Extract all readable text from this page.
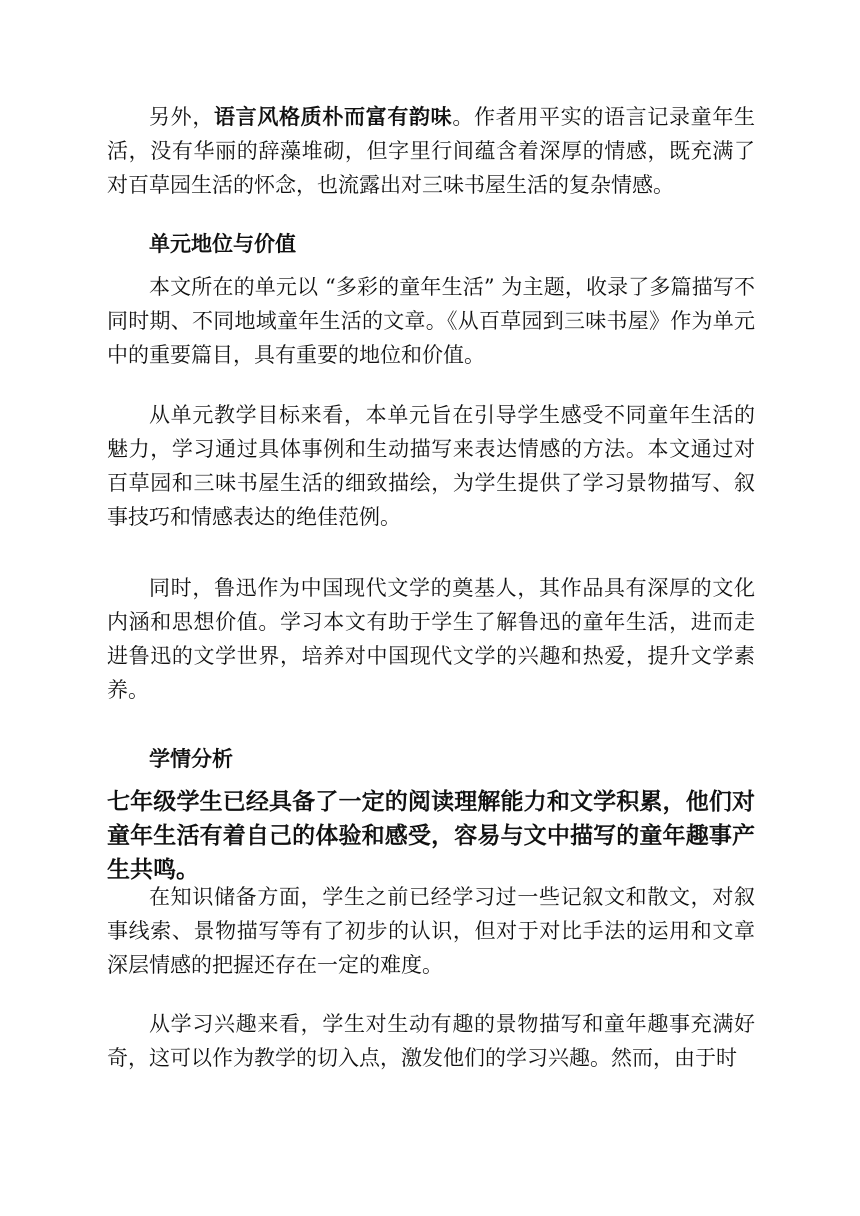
另外，语言风格质朴而富有韵味。作者用平实的语言记录童年生活，没有华丽的辞藻堆砌，但字里行间蕴含着深厚的情感，既充满了对百草园生活的怀念，也流露出对三味书屋生活的复杂情感。

单元地位与价值

本文所在的单元以 “多彩的童年生活” 为主题，收录了多篇描写不同时期、不同地域童年生活的文章。《从百草园到三味书屋》作为单元中的重要篇目，具有重要的地位和价值。

从单元教学目标来看，本单元旨在引导学生感受不同童年生活的魅力，学习通过具体事例和生动描写来表达情感的方法。本文通过对百草园和三味书屋生活的细致描绘，为学生提供了学习景物描写、叙事技巧和情感表达的绝佳范例。

同时，鲁迅作为中国现代文学的奠基人，其作品具有深厚的文化内涵和思想价值。学习本文有助于学生了解鲁迅的童年生活，进而走进鲁迅的文学世界，培养对中国现代文学的兴趣和热爱，提升文学素养。

学情分析

七年级学生已经具备了一定的阅读理解能力和文学积累，他们对童年生活有着自己的体验和感受，容易与文中描写的童年趣事产生共鸣。

在知识储备方面，学生之前已经学习过一些记叙文和散文，对叙事线索、景物描写等有了初步的认识，但对于对比手法的运用和文章深层情感的把握还存在一定的难度。

从学习兴趣来看，学生对生动有趣的景物描写和童年趣事充满好奇，这可以作为教学的切入点，激发他们的学习兴趣。然而，由于时
